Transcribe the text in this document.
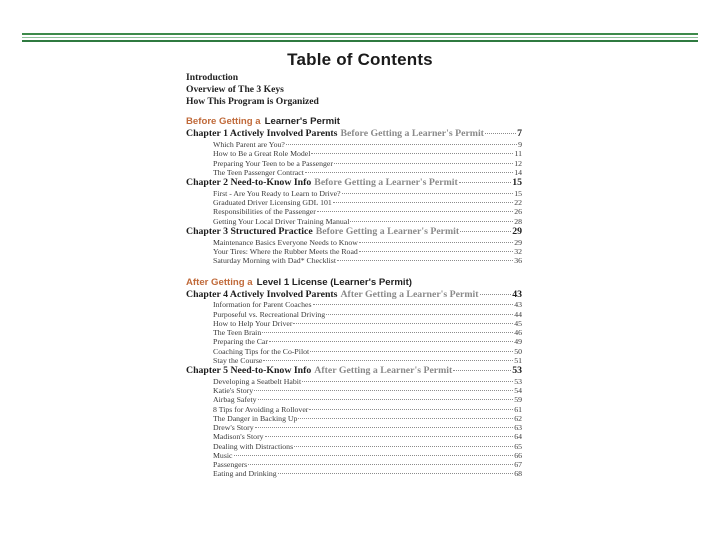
Table of Contents
Introduction
Overview of The 3 Keys
How This Program is Organized
Before Getting a Learner's Permit
Chapter 1 Actively Involved Parents Before Getting a Learner's Permit	7
Which Parent are You?	9
How to Be a Great Role Model	11
Preparing Your Teen to be a Passenger	12
The Teen Passenger Contract	14
Chapter 2 Need-to-Know Info Before Getting a Learner's Permit	15
First - Are You Ready to Learn to Drive?	15
Graduated Driver Licensing GDL 101	22
Responsibilities of the Passenger	26
Getting Your Local Driver Training Manual	28
Chapter 3 Structured Practice Before Getting a Learner's Permit	29
Maintenance Basics Everyone Needs to Know	29
Your Tires: Where the Rubber Meets the Road	32
Saturday Morning with Dad* Checklist	36
After Getting a Level 1 License (Learner's Permit)
Chapter 4 Actively Involved Parents After Getting a Learner's Permit	43
Information for Parent Coaches	43
Purposeful vs. Recreational Driving	44
How to Help Your Driver	45
The Teen Brain	46
Preparing the Car	49
Coaching Tips for the Co-Pilot	50
Stay the Course	51
Chapter 5 Need-to-Know Info After Getting a Learner's Permit	53
Developing a Seatbelt Habit	53
Katie's Story	54
Airbag Safety	59
8 Tips for Avoiding a Rollover	61
The Danger in Backing Up	62
Drew's Story	63
Madison's Story	64
Dealing with Distractions	65
Music	66
Passengers	67
Eating and Drinking	68
